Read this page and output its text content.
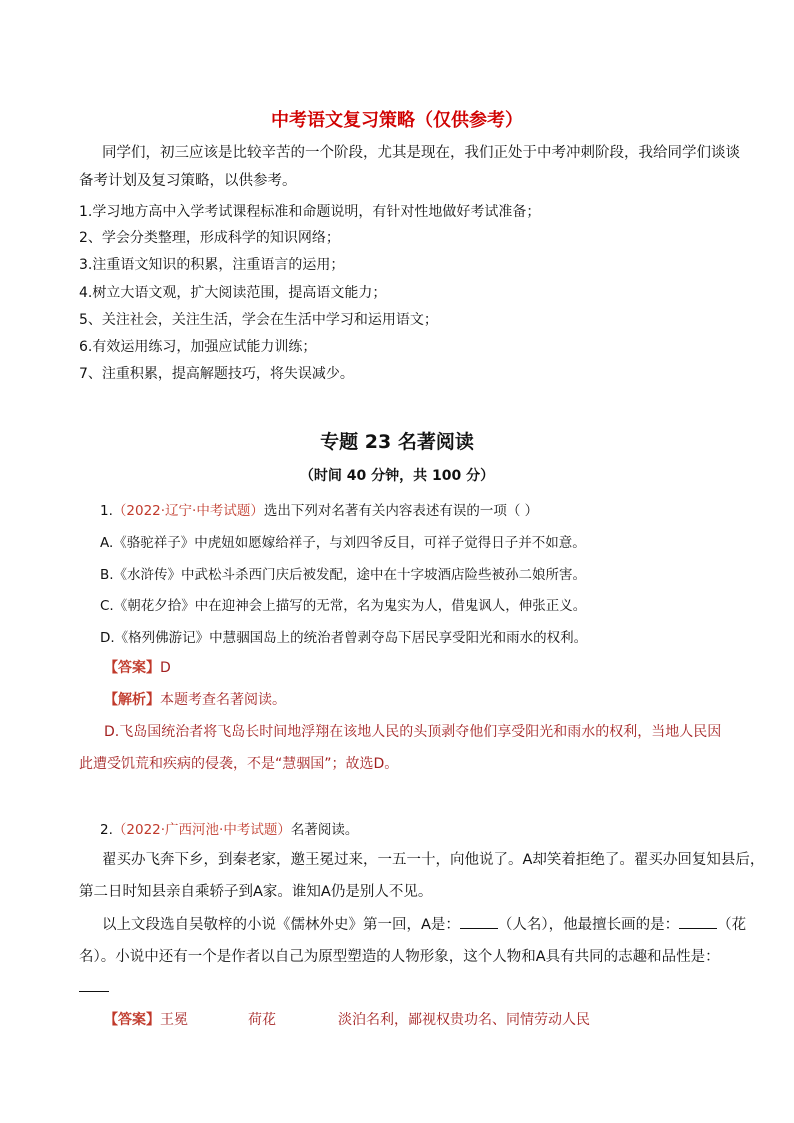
中考语文复习策略（仅供参考）
同学们，初三应该是比较辛苦的一个阶段，尤其是现在，我们正处于中考冲刺阶段，我给同学们谈谈
备考计划及复习策略，以供参考。
1.学习地方高中入学考试课程标准和命题说明，有针对性地做好考试准备；
2、学会分类整理，形成科学的知识网络；
3.注重语文知识的积累，注重语言的运用；
4.树立大语文观，扩大阅读范围，提高语文能力；
5、关注社会，关注生活，学会在生活中学习和运用语文；
6.有效运用练习，加强应试能力训练；
7、注重积累，提高解题技巧，将失误减少。
专题 23 名著阅读
（时间 40 分钟，共 100 分）
1.（2022·辽宁·中考试题）选出下列对名著有关内容表述有误的一项（ ）
A.《骆驼祥子》中虎妞如愿嫁给祥子，与刘四爷反目，可祥子觉得日子并不如意。
B.《水浒传》中武松斗杀西门庆后被发配，途中在十字坡酒店险些被孙二娘所害。
C.《朝花夕拾》中在迎神会上描写的无常，名为鬼实为人，借鬼讽人，伸张正义。
D.《格列佛游记》中慧骃国岛上的统治者曾剥夺岛下居民享受阳光和雨水的权利。
【答案】D
【解析】本题考查名著阅读。
D.飞岛国统治者将飞岛长时间地浮翔在该地人民的头顶剥夺他们享受阳光和雨水的权利，当地人民因
此遭受饥荒和疾病的侵袭，不是“慧骃国”；故选D。
2.（2022·广西河池·中考试题）名著阅读。
翟买办飞奔下乡，到秦老家，邀王冕过来，一五一十，向他说了。A却笑着拒绝了。翟买办回复知县后，
第二日时知县亲自乘轿子到A家。谁知A仍是别人不见。
以上文段选自吴敬梓的小说《儒林外史》第一回，A是：	（人名），他最擅长画的是：	（花
名）。小说中还有一个是作者以自己为原型塑造的人物形象，这个人物和A具有共同的志趣和品性是：
【答案】王冕	荷花	淡泊名利，鄙视权贵功名、同情劳动人民
